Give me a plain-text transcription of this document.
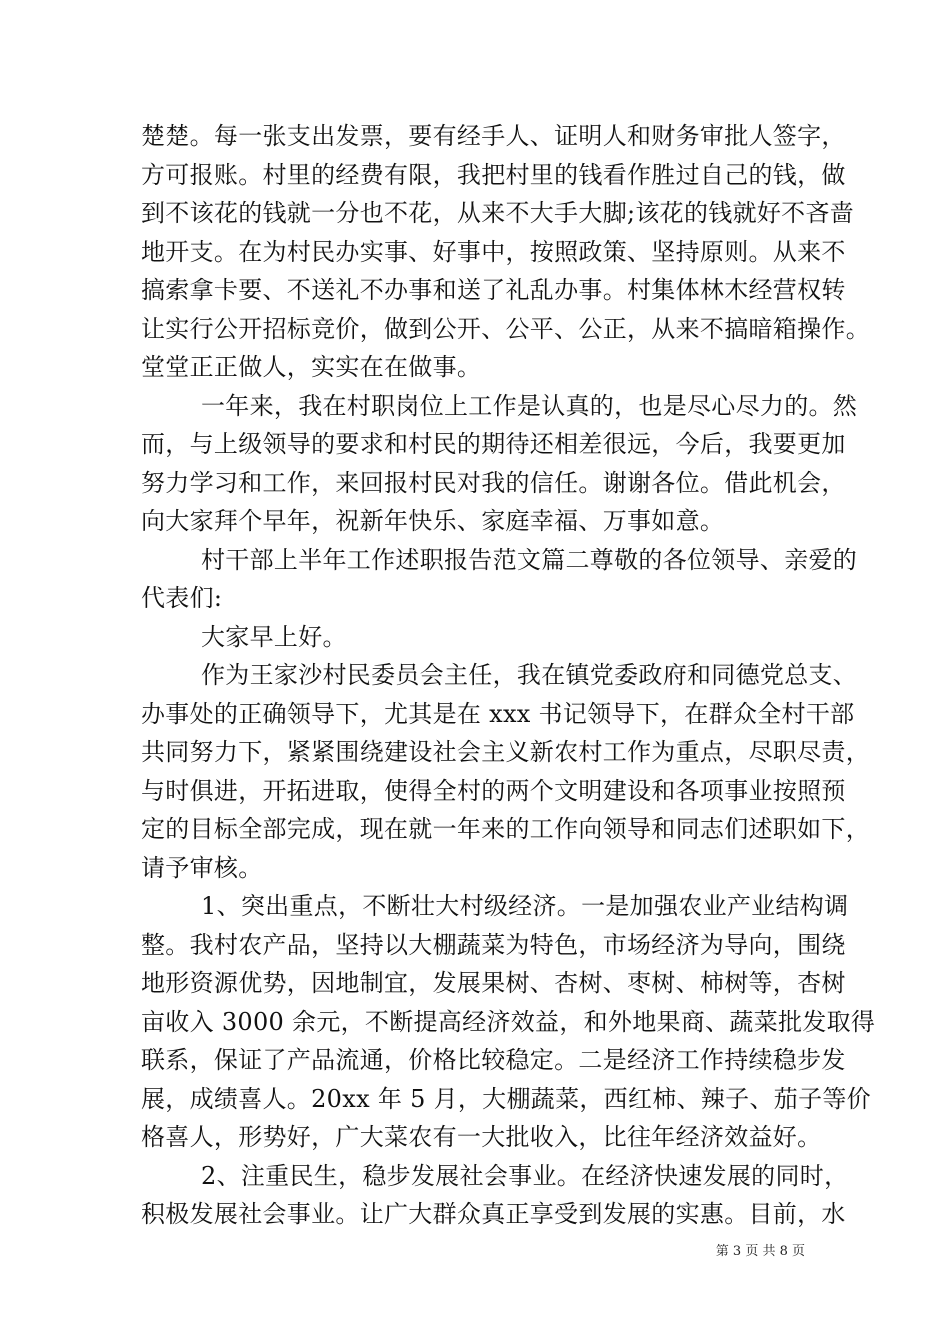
楚楚。每一张支出发票，要有经手人、证明人和财务审批人签字，
方可报账。村里的经费有限，我把村里的钱看作胜过自己的钱，做
到不该花的钱就一分也不花，从来不大手大脚;该花的钱就好不吝啬
地开支。在为村民办实事、好事中，按照政策、坚持原则。从来不
搞索拿卡要、不送礼不办事和送了礼乱办事。村集体林木经营权转
让实行公开招标竞价，做到公开、公平、公正，从来不搞暗箱操作。
堂堂正正做人，实实在在做事。
一年来，我在村职岗位上工作是认真的，也是尽心尽力的。然
而，与上级领导的要求和村民的期待还相差很远，今后，我要更加
努力学习和工作，来回报村民对我的信任。谢谢各位。借此机会，
向大家拜个早年，祝新年快乐、家庭幸福、万事如意。
村干部上半年工作述职报告范文篇二尊敬的各位领导、亲爱的
代表们:
大家早上好。
作为王家沙村民委员会主任，我在镇党委政府和同德党总支、
办事处的正确领导下，尤其是在 xxx 书记领导下，在群众全村干部
共同努力下，紧紧围绕建设社会主义新农村工作为重点，尽职尽责，
与时俱进，开拓进取，使得全村的两个文明建设和各项事业按照预
定的目标全部完成，现在就一年来的工作向领导和同志们述职如下，
请予审核。
1、突出重点，不断壮大村级经济。一是加强农业产业结构调
整。我村农产品，坚持以大棚蔬菜为特色，市场经济为导向，围绕
地形资源优势，因地制宜，发展果树、杏树、枣树、柿树等，杏树
亩收入 3000 余元，不断提高经济效益，和外地果商、蔬菜批发取得
联系，保证了产品流通，价格比较稳定。二是经济工作持续稳步发
展，成绩喜人。20xx 年 5 月，大棚蔬菜，西红柿、辣子、茄子等价
格喜人，形势好，广大菜农有一大批收入，比往年经济效益好。
2、注重民生，稳步发展社会事业。在经济快速发展的同时，
积极发展社会事业。让广大群众真正享受到发展的实惠。目前，水
第 3 页 共 8 页
